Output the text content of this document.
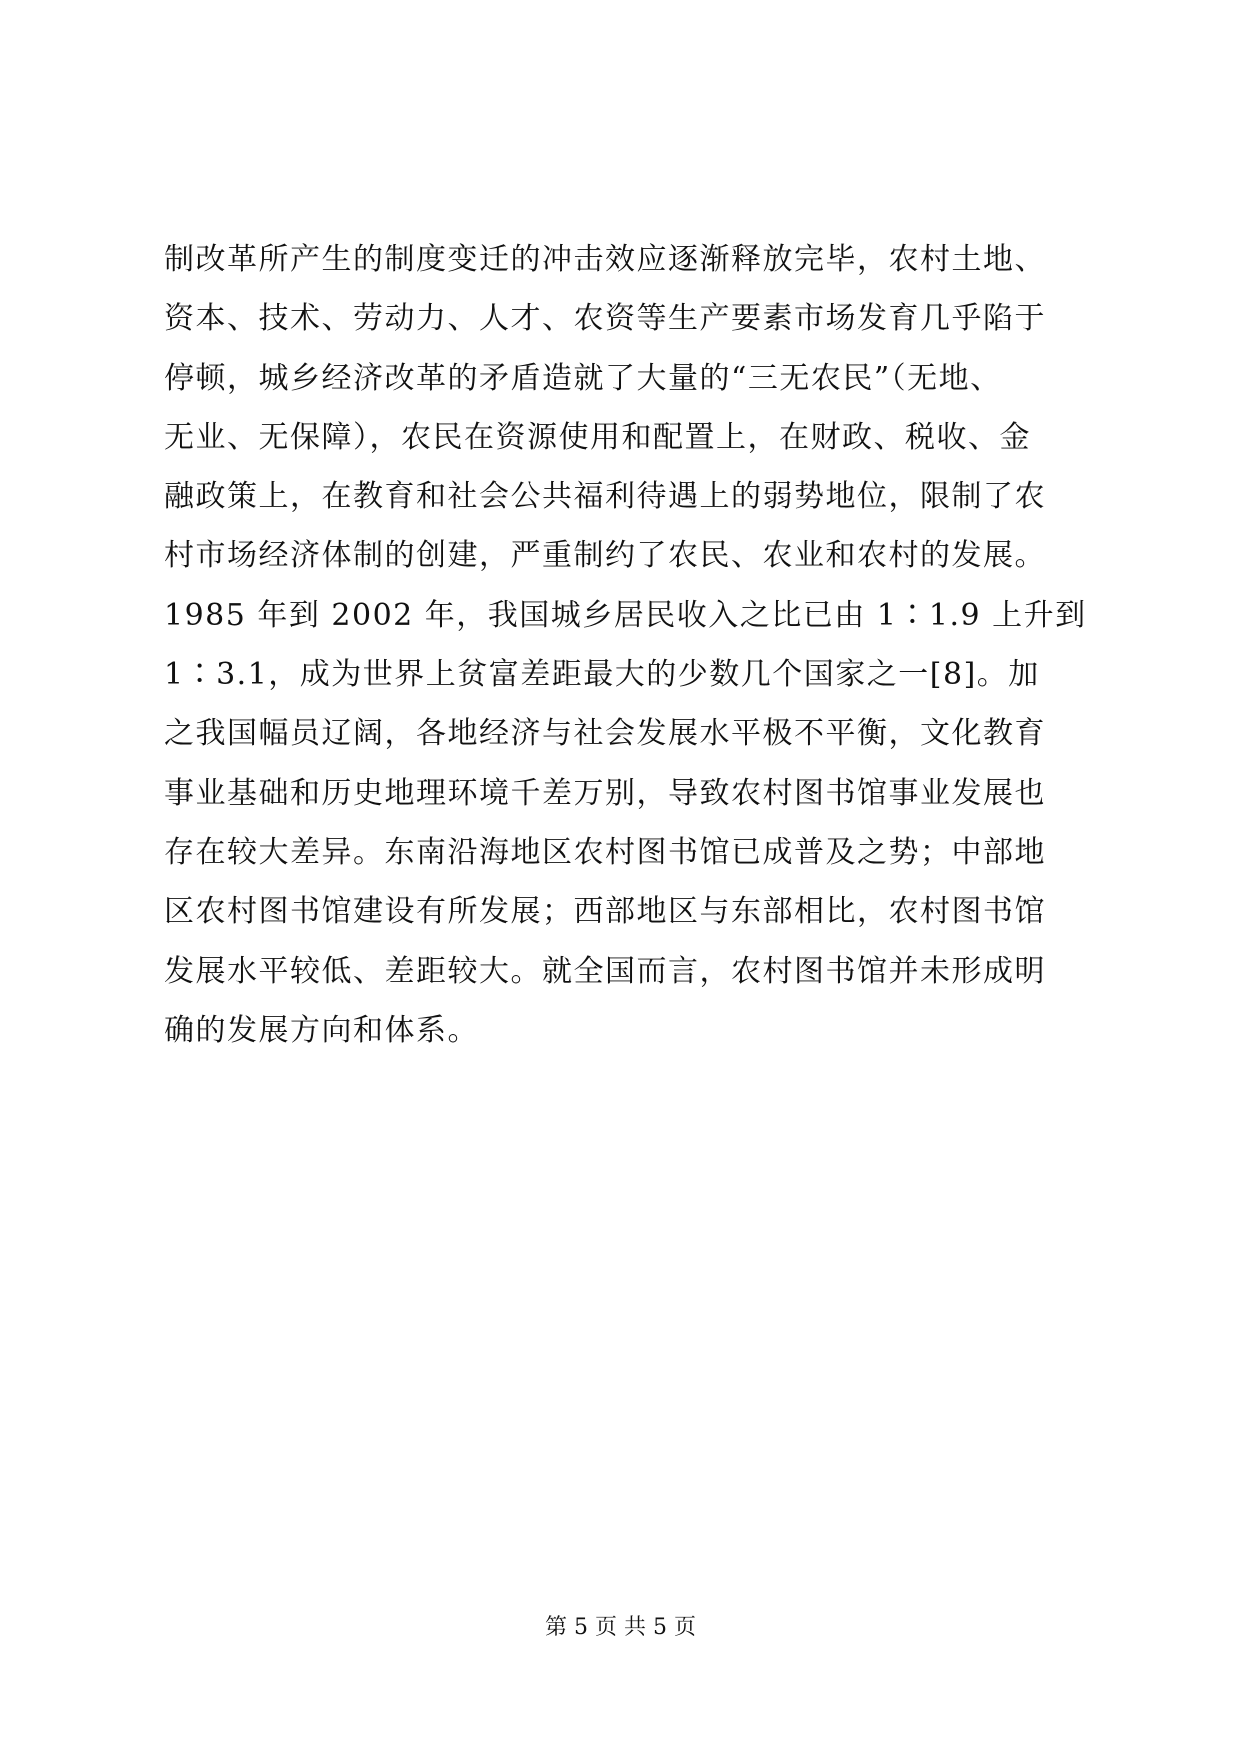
制改革所产生的制度变迁的冲击效应逐渐释放完毕，农村土地、
资本、技术、劳动力、人才、农资等生产要素市场发育几乎陷于
停顿，城乡经济改革的矛盾造就了大量的“三无农民”（无地、
无业、无保障），农民在资源使用和配置上，在财政、税收、金
融政策上，在教育和社会公共福利待遇上的弱势地位，限制了农
村市场经济体制的创建，严重制约了农民、农业和农村的发展。
1985 年到 2002 年，我国城乡居民收入之比已由 1∶1.9 上升到
1∶3.1，成为世界上贫富差距最大的少数几个国家之一[8]。加
之我国幅员辽阔，各地经济与社会发展水平极不平衡，文化教育
事业基础和历史地理环境千差万别，导致农村图书馆事业发展也
存在较大差异。东南沿海地区农村图书馆已成普及之势；中部地
区农村图书馆建设有所发展；西部地区与东部相比，农村图书馆
发展水平较低、差距较大。就全国而言，农村图书馆并未形成明
确的发展方向和体系。
第 5 页 共 5 页
